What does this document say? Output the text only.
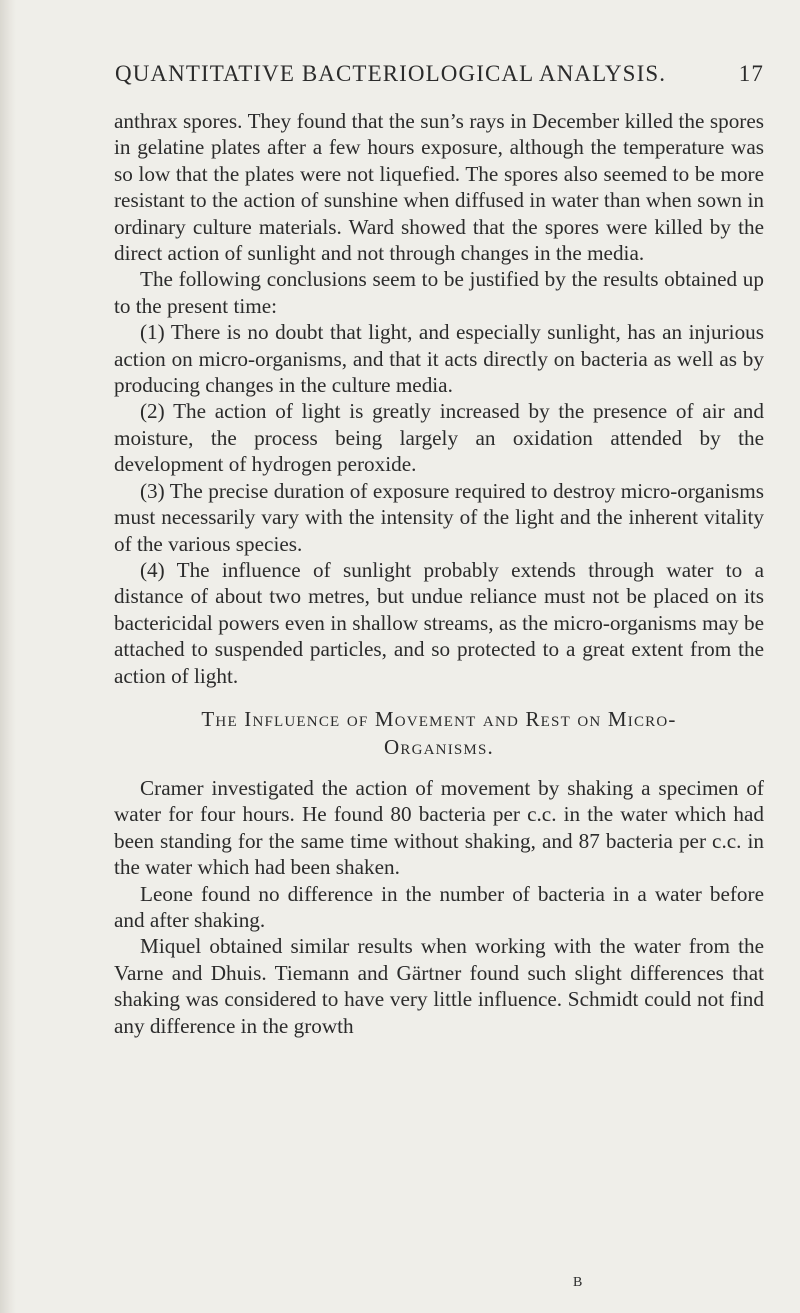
QUANTITATIVE BACTERIOLOGICAL ANALYSIS.	17

anthrax spores. They found that the sun’s rays in December killed the spores in gelatine plates after a few hours exposure, although the temperature was so low that the plates were not liquefied. The spores also seemed to be more resistant to the action of sunshine when diffused in water than when sown in ordinary culture materials. Ward showed that the spores were killed by the direct action of sunlight and not through changes in the media.

The following conclusions seem to be justified by the results obtained up to the present time:

(1) There is no doubt that light, and especially sunlight, has an injurious action on micro-organisms, and that it acts directly on bacteria as well as by producing changes in the culture media.

(2) The action of light is greatly increased by the presence of air and moisture, the process being largely an oxidation attended by the development of hydrogen peroxide.

(3) The precise duration of exposure required to destroy micro-organisms must necessarily vary with the intensity of the light and the inherent vitality of the various species.

(4) The influence of sunlight probably extends through water to a distance of about two metres, but undue reliance must not be placed on its bactericidal powers even in shallow streams, as the micro-organisms may be attached to suspended particles, and so protected to a great extent from the action of light.

The Influence of Movement and Rest on Micro-
Organisms.

Cramer investigated the action of movement by shaking a specimen of water for four hours. He found 80 bacteria per c.c. in the water which had been standing for the same time without shaking, and 87 bacteria per c.c. in the water which had been shaken.

Leone found no difference in the number of bacteria in a water before and after shaking.

Miquel obtained similar results when working with the water from the Varne and Dhuis. Tiemann and Gärtner found such slight differences that shaking was considered to have very little influence. Schmidt could not find any difference in the growth

B
